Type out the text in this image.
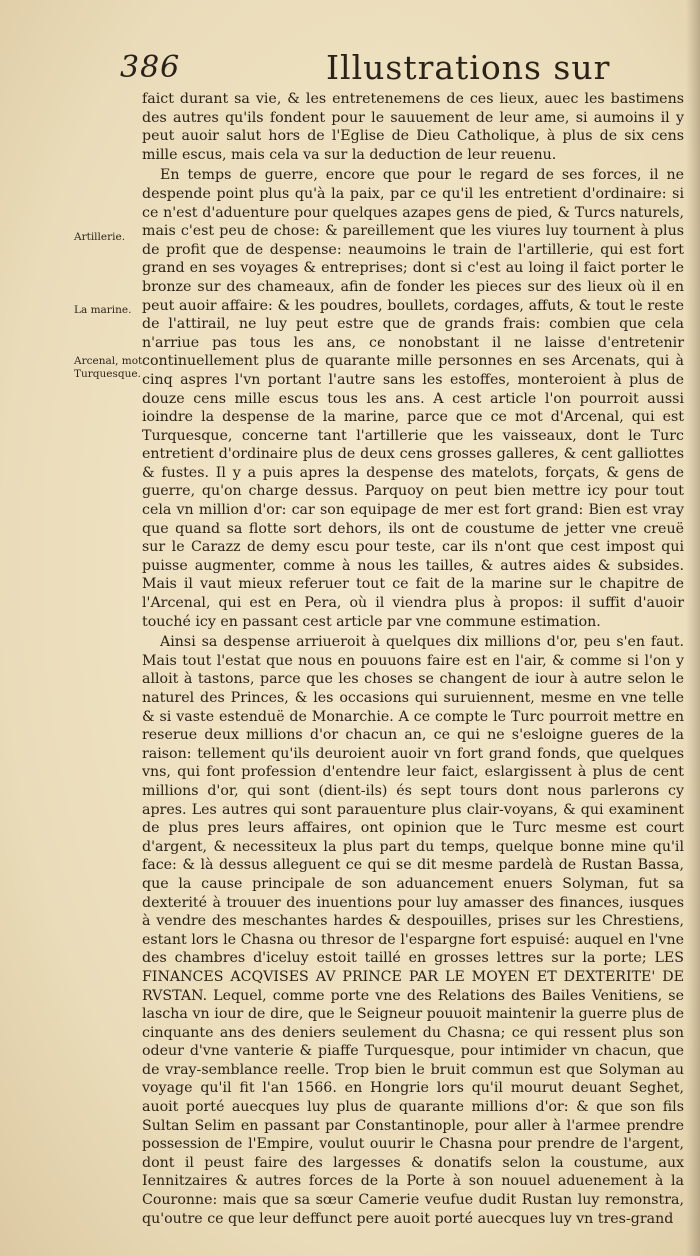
386	Illustrations sur
Artillerie.
La marine.
Arcenal, mot Turquesque.

faict durant sa vie, & les entretenemens de ces lieux, auec les bastimens des autres qu'ils fondent pour le sauuement de leur ame, si aumoins il y peut auoir salut hors de l'Eglise de Dieu Catholique, à plus de six cens mille escus, mais cela va sur la deduction de leur reuenu.

En temps de guerre, encore que pour le regard de ses forces, il ne despende point plus qu'à la paix, par ce qu'il les entretient d'ordinaire: si ce n'est d'aduenture pour quelques azapes gens de pied, & Turcs naturels, mais c'est peu de chose: & pareillement que les viures luy tournent à plus de profit que de despense: neaumoins le train de l'artillerie, qui est fort grand en ses voyages & entreprises; dont si c'est au loing il faict porter le bronze sur des chameaux, afin de fonder les pieces sur des lieux où il en peut auoir affaire: & les poudres, boullets, cordages, affuts, & tout le reste de l'attirail, ne luy peut estre que de grands frais: combien que cela n'arriue pas tous les ans, ce nonobstant il ne laisse d'entretenir continuellement plus de quarante mille personnes en ses Arcenats, qui à cinq aspres l'vn portant l'autre sans les estoffes, monteroient à plus de douze cens mille escus tous les ans. A cest article l'on pourroit aussi ioindre la despense de la marine, parce que ce mot d'Arcenal, qui est Turquesque, concerne tant l'artillerie que les vaisseaux, dont le Turc entretient d'ordinaire plus de deux cens grosses galleres, & cent galliottes & fustes. Il y a puis apres la despense des matelots, forçats, & gens de guerre, qu'on charge dessus. Parquoy on peut bien mettre icy pour tout cela vn million d'or: car son equipage de mer est fort grand: Bien est vray que quand sa flotte sort dehors, ils ont de coustume de jetter vne creuë sur le Carazz de demy escu pour teste, car ils n'ont que cest impost qui puisse augmenter, comme à nous les tailles, & autres aides & subsides. Mais il vaut mieux referuer tout ce fait de la marine sur le chapitre de l'Arcenal, qui est en Pera, où il viendra plus à propos: il suffit d'auoir touché icy en passant cest article par vne commune estimation.

Ainsi sa despense arriueroit à quelques dix millions d'or, peu s'en faut. Mais tout l'estat que nous en pouuons faire est en l'air, & comme si l'on y alloit à tastons, parce que les choses se changent de iour à autre selon le naturel des Princes, & les occasions qui suruiennent, mesme en vne telle & si vaste estenduë de Monarchie. A ce compte le Turc pourroit mettre en reserue deux millions d'or chacun an, ce qui ne s'esloigne gueres de la raison: tellement qu'ils deuroient auoir vn fort grand fonds, que quelques vns, qui font profession d'entendre leur faict, eslargissent à plus de cent millions d'or, qui sont (dient-ils) és sept tours dont nous parlerons cy apres. Les autres qui sont parauenture plus clair-voyans, & qui examinent de plus pres leurs affaires, ont opinion que le Turc mesme est court d'argent, & necessiteux la plus part du temps, quelque bonne mine qu'il face: & là dessus alleguent ce qui se dit mesme pardelà de Rustan Bassa, que la cause principale de son aduancement enuers Solyman, fut sa dexterité à trouuer des inuentions pour luy amasser des finances, iusques à vendre des meschantes hardes & despouilles, prises sur les Chrestiens, estant lors le Chasna ou thresor de l'espargne fort espuisé: auquel en l'vne des chambres d'iceluy estoit taillé en grosses lettres sur la porte; LES FINANCES ACQVISES AV PRINCE PAR LE MOYEN ET DEXTERITE' DE RVSTAN. Lequel, comme porte vne des Relations des Bailes Venitiens, se lascha vn iour de dire, que le Seigneur pouuoit maintenir la guerre plus de cinquante ans des deniers seulement du Chasna; ce qui ressent plus son odeur d'vne vanterie & piaffe Turquesque, pour intimider vn chacun, que de vray-semblance reelle. Trop bien le bruit commun est que Solyman au voyage qu'il fit l'an 1566. en Hongrie lors qu'il mourut deuant Seghet, auoit porté auecques luy plus de quarante millions d'or: & que son fils Sultan Selim en passant par Constantinople, pour aller à l'armee prendre possession de l'Empire, voulut ouurir le Chasna pour prendre de l'argent, dont il peust faire des largesses & donatifs selon la coustume, aux Iennitzaires & autres forces de la Porte à son nouuel aduenement à la Couronne: mais que sa sœur Camerie veufue dudit Rustan luy remonstra, qu'outre ce que leur deffunct pere auoit porté auecques luy vn tres-grand
